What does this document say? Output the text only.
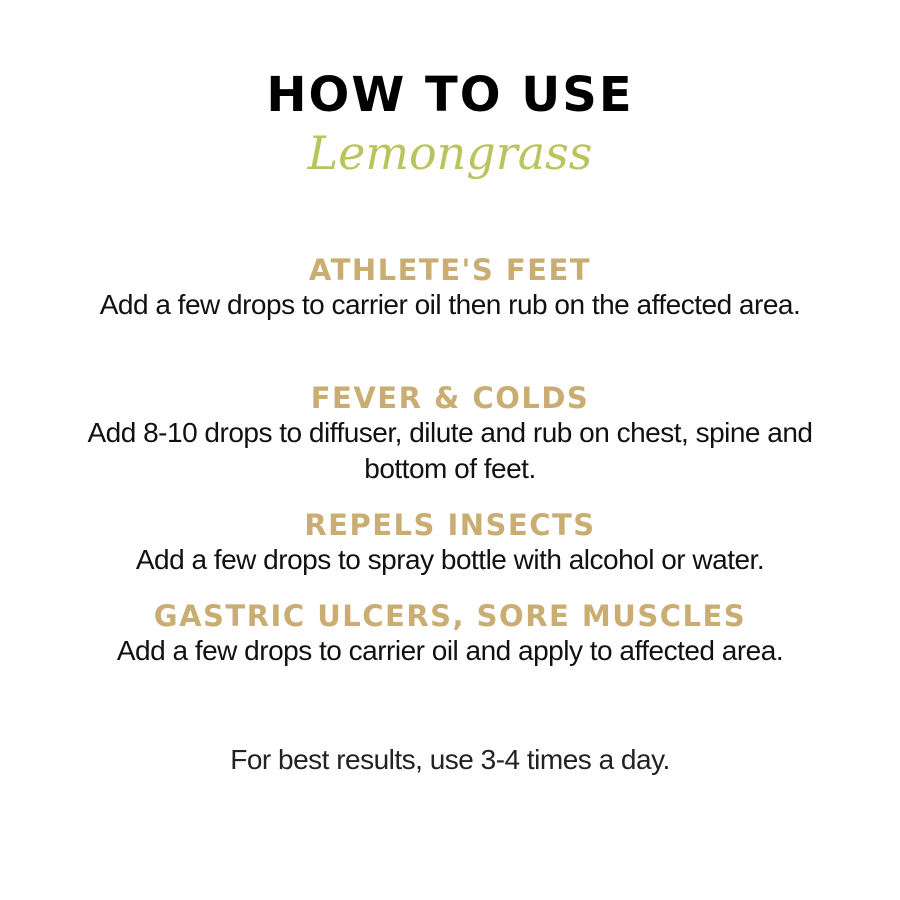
HOW TO USE
Lemongrass
ATHLETE'S FEET

Add a few drops to carrier oil then rub on the affected area.

FEVER & COLDS

Add 8-10 drops to diffuser, dilute and rub on chest, spine and bottom of feet.

REPELS INSECTS

Add a few drops to spray bottle with alcohol or water.

GASTRIC ULCERS, SORE MUSCLES

Add a few drops to carrier oil and apply to affected area.

For best results, use 3-4 times a day.
